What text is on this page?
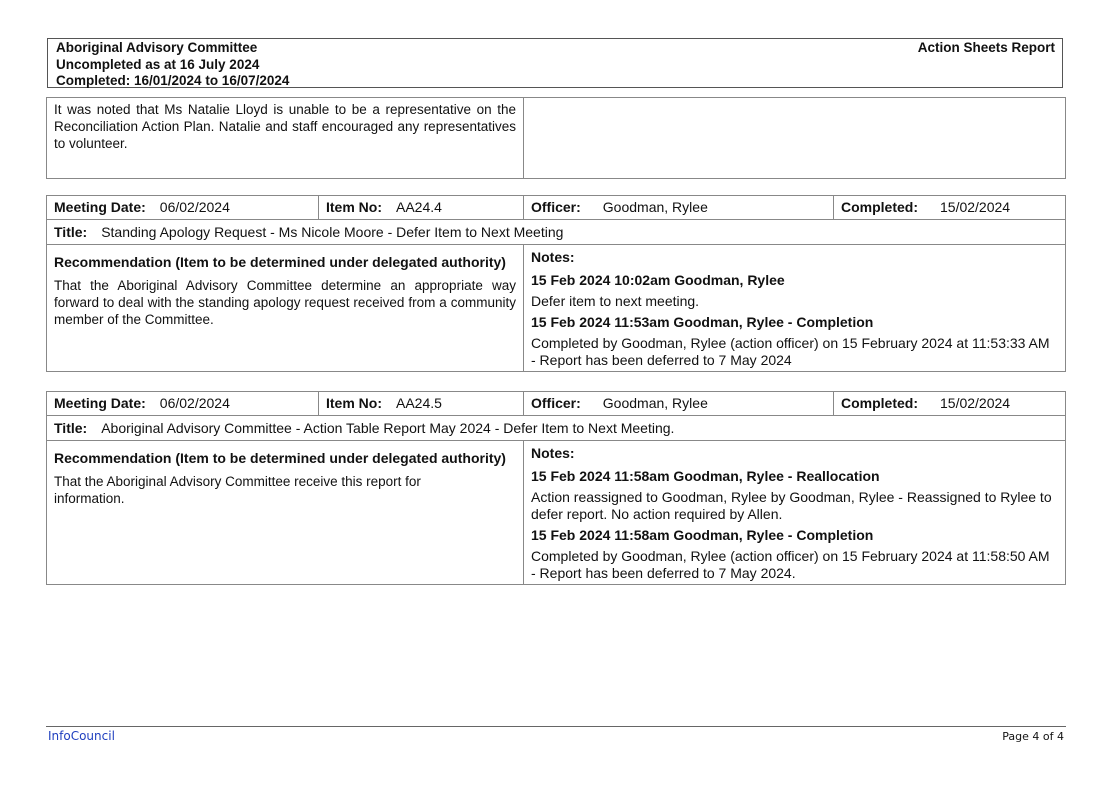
Aboriginal Advisory Committee
Uncompleted as at 16 July 2024
Completed: 16/01/2024 to 16/07/2024
Action Sheets Report
It was noted that Ms Natalie Lloyd is unable to be a representative on the Reconciliation Action Plan. Natalie and staff encouraged any representatives to volunteer.
Meeting Date: 06/02/2024	Item No: AA24.4	Officer: Goodman, Rylee	Completed: 15/02/2024
Title: Standing Apology Request - Ms Nicole Moore - Defer Item to Next Meeting
Recommendation (Item to be determined under delegated authority)
That the Aboriginal Advisory Committee determine an appropriate way forward to deal with the standing apology request received from a community member of the Committee.
Notes:
15 Feb 2024 10:02am Goodman, Rylee
Defer item to next meeting.
15 Feb 2024 11:53am Goodman, Rylee - Completion
Completed by Goodman, Rylee (action officer) on 15 February 2024 at 11:53:33 AM - Report has been deferred to 7 May 2024
Meeting Date: 06/02/2024	Item No: AA24.5	Officer: Goodman, Rylee	Completed: 15/02/2024
Title: Aboriginal Advisory Committee - Action Table Report May 2024 - Defer Item to Next Meeting.
Recommendation (Item to be determined under delegated authority)
That the Aboriginal Advisory Committee receive this report for information.
Notes:
15 Feb 2024 11:58am Goodman, Rylee - Reallocation
Action reassigned to Goodman, Rylee by Goodman, Rylee - Reassigned to Rylee to defer report. No action required by Allen.
15 Feb 2024 11:58am Goodman, Rylee - Completion
Completed by Goodman, Rylee (action officer) on 15 February 2024 at 11:58:50 AM - Report has been deferred to 7 May 2024.
InfoCouncil	Page 4 of 4
